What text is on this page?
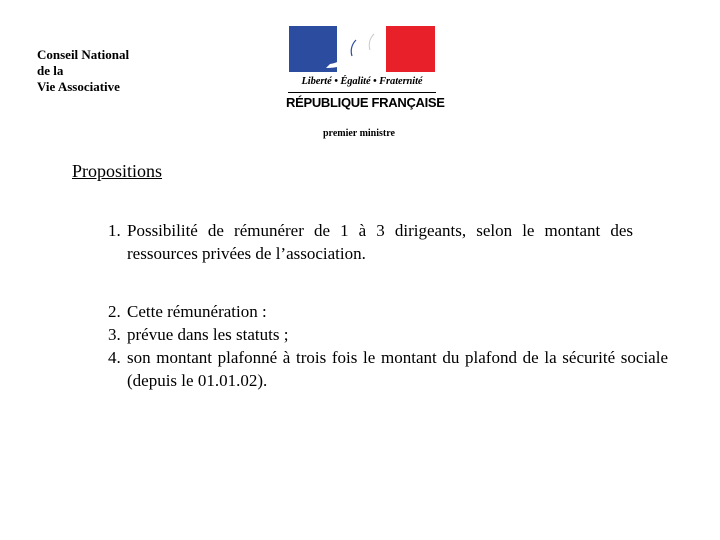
Conseil National
de la
Vie Associative	Liberté • Égalité • Fraternité
RÉPUBLIQUE FRANÇAISE
premier ministre
Propositions
1. Possibilité de rémunérer de 1 à 3 dirigeants, selon le montant des ressources privées de l’association.
2. Cette rémunération :
3. prévue dans les statuts ;
4. son montant plafonné à trois fois le montant du plafond de la sécurité sociale (depuis le 01.01.02).
